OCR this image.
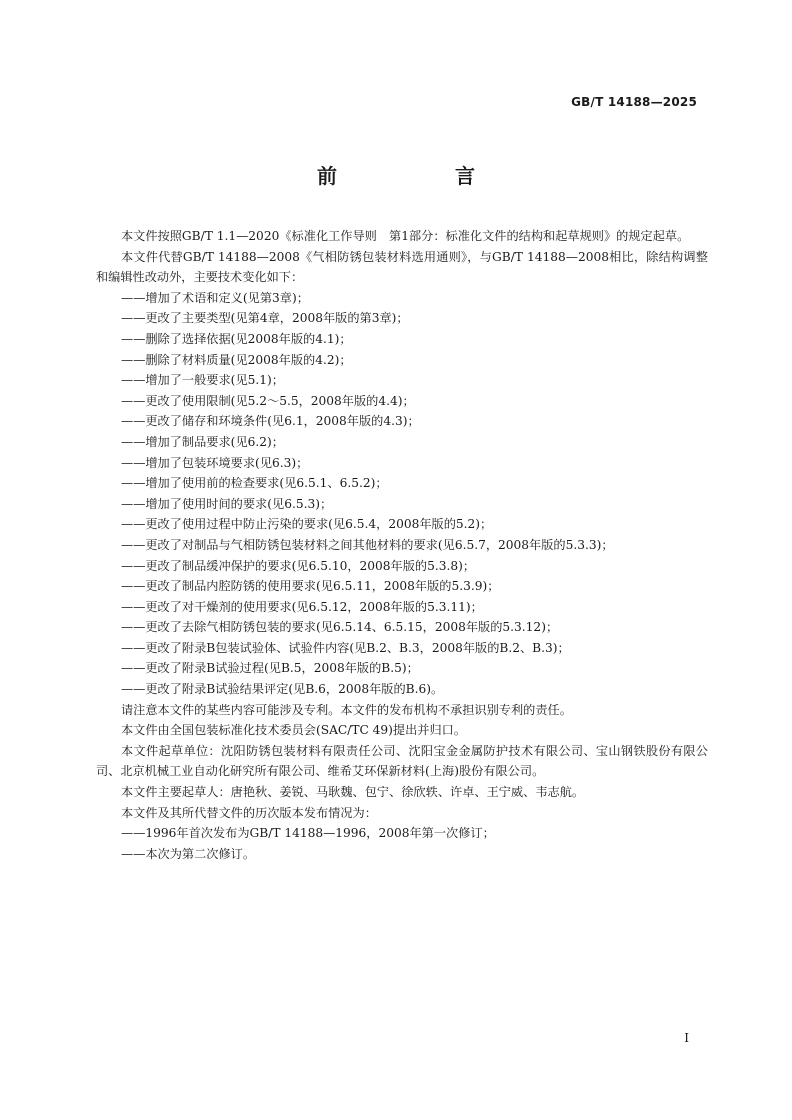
GB/T 14188—2025
前　　言

本文件按照GB/T 1.1—2020《标准化工作导则　第1部分：标准化文件的结构和起草规则》的规定起草。

本文件代替GB/T 14188—2008《气相防锈包装材料选用通则》，与GB/T 14188—2008相比，除结构调整和编辑性改动外，主要技术变化如下：

——增加了术语和定义(见第3章)；

——更改了主要类型(见第4章，2008年版的第3章)；

——删除了选择依据(见2008年版的4.1)；

——删除了材料质量(见2008年版的4.2)；

——增加了一般要求(见5.1)；

——更改了使用限制(见5.2～5.5，2008年版的4.4)；

——更改了储存和环境条件(见6.1，2008年版的4.3)；

——增加了制品要求(见6.2)；

——增加了包装环境要求(见6.3)；

——增加了使用前的检查要求(见6.5.1、6.5.2)；

——增加了使用时间的要求(见6.5.3)；

——更改了使用过程中防止污染的要求(见6.5.4，2008年版的5.2)；

——更改了对制品与气相防锈包装材料之间其他材料的要求(见6.5.7，2008年版的5.3.3)；

——更改了制品缓冲保护的要求(见6.5.10，2008年版的5.3.8)；

——更改了制品内腔防锈的使用要求(见6.5.11，2008年版的5.3.9)；

——更改了对干燥剂的使用要求(见6.5.12，2008年版的5.3.11)；

——更改了去除气相防锈包装的要求(见6.5.14、6.5.15，2008年版的5.3.12)；

——更改了附录B包装试验体、试验件内容(见B.2、B.3，2008年版的B.2、B.3)；

——更改了附录B试验过程(见B.5，2008年版的B.5)；

——更改了附录B试验结果评定(见B.6，2008年版的B.6)。

请注意本文件的某些内容可能涉及专利。本文件的发布机构不承担识别专利的责任。

本文件由全国包装标准化技术委员会(SAC/TC 49)提出并归口。

本文件起草单位：沈阳防锈包装材料有限责任公司、沈阳宝金金属防护技术有限公司、宝山钢铁股份有限公司、北京机械工业自动化研究所有限公司、维希艾环保新材料(上海)股份有限公司。

本文件主要起草人：唐艳秋、姜锐、马耿魏、包宁、徐欣轶、许卓、王宁威、韦志航。

本文件及其所代替文件的历次版本发布情况为：

——1996年首次发布为GB/T 14188—1996，2008年第一次修订；

——本次为第二次修订。

I
